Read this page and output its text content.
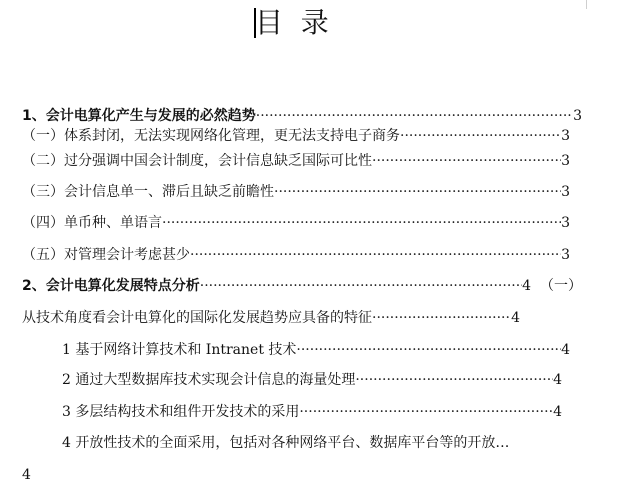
目  录
1、会计电算化产生与发展的必然趋势 ·····	3
（一）体系封闭，无法实现网络化管理，更无法支持电子商务 ·····	3
（二）过分强调中国会计制度，会计信息缺乏国际可比性 ·····	3
（三）会计信息单一、滞后且缺乏前瞻性 ·····	3
（四）单币种、单语言 ·····	3
（五）对管理会计考虑甚少 ·····	3
2、会计电算化发展特点分析 ·····	4 （一）
从技术角度看会计电算化的国际化发展趋势应具备的特征 ·····	4
1 基于网络计算技术和 Intranet 技术 ·····	4
2 通过大型数据库技术实现会计信息的海量处理 ·····	4
3 多层结构技术和组件开发技术的采用 ·····	4
4 开放性技术的全面采用，包括对各种网络平台、数据库平台等的开放…
4
